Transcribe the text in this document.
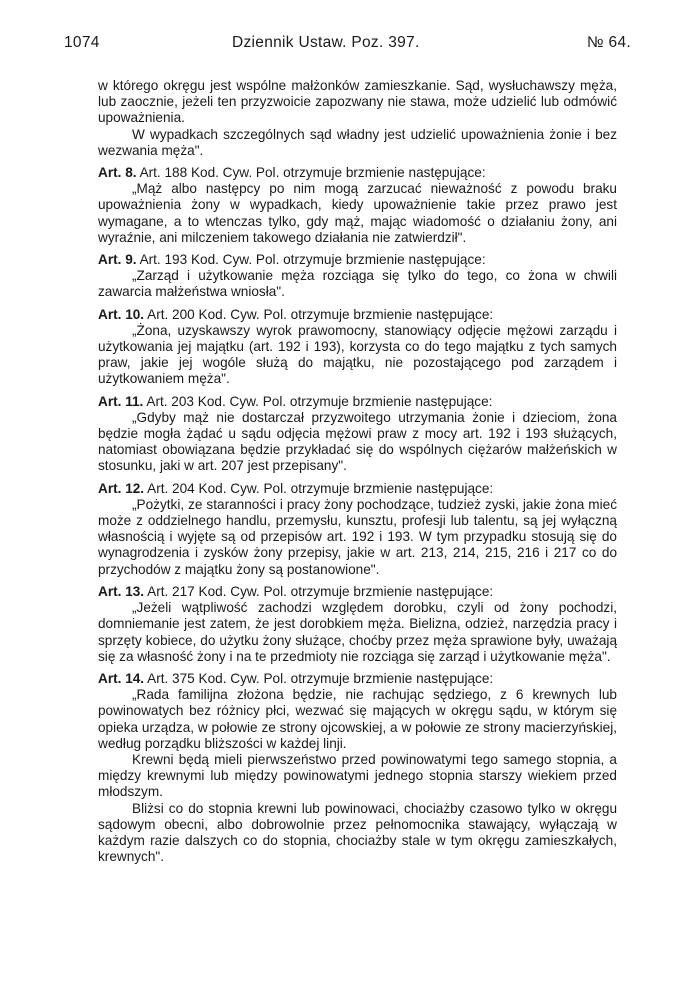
1074	Dziennik Ustaw. Poz. 397.	№ 64.

w którego okręgu jest wspólne małżonków zamieszkanie. Sąd, wysłuchawszy męża, lub zaocznie, jeżeli ten przyzwoicie zapozwany nie stawa, może udzielić lub odmówić upoważnienia.

W wypadkach szczególnych sąd władny jest udzielić upoważnienia żonie i bez wezwania męża".

Art. 8. Art. 188 Kod. Cyw. Pol. otrzymuje brzmienie następujące:

„Mąż albo następcy po nim mogą zarzucać nieważność z powodu braku upoważnienia żony w wypadkach, kiedy upoważnienie takie przez prawo jest wymagane, a to wtenczas tylko, gdy mąż, mając wiadomość o działaniu żony, ani wyraźnie, ani milczeniem takowego działania nie zatwierdził".

Art. 9. Art. 193 Kod. Cyw. Pol. otrzymuje brzmienie następujące:

„Zarząd i użytkowanie męża rozciąga się tylko do tego, co żona w chwili zawarcia małżeństwa wniosła".

Art. 10. Art. 200 Kod. Cyw. Pol. otrzymuje brzmienie następujące:

„Żona, uzyskawszy wyrok prawomocny, stanowiący odjęcie mężowi zarządu i użytkowania jej majątku (art. 192 i 193), korzysta co do tego majątku z tych samych praw, jakie jej wogóle służą do majątku, nie pozostającego pod zarządem i użytkowaniem męża".

Art. 11. Art. 203 Kod. Cyw. Pol. otrzymuje brzmienie następujące:

„Gdyby mąż nie dostarczał przyzwoitego utrzymania żonie i dzieciom, żona będzie mogła żądać u sądu odjęcia mężowi praw z mocy art. 192 i 193 służących, natomiast obowiązana będzie przykładać się do wspólnych ciężarów małżeńskich w stosunku, jaki w art. 207 jest przepisany".

Art. 12. Art. 204 Kod. Cyw. Pol. otrzymuje brzmienie następujące:

„Pożytki, ze staranności i pracy żony pochodzące, tudzież zyski, jakie żona mieć może z oddzielnego handlu, przemysłu, kunsztu, profesji lub talentu, są jej wyłączną własnością i wyjęte są od przepisów art. 192 i 193. W tym przypadku stosują się do wynagrodzenia i zysków żony przepisy, jakie w art. 213, 214, 215, 216 i 217 co do przychodów z majątku żony są postanowione".

Art. 13. Art. 217 Kod. Cyw. Pol. otrzymuje brzmienie następujące:

„Jeżeli wątpliwość zachodzi względem dorobku, czyli od żony pochodzi, domniemanie jest zatem, że jest dorobkiem męża. Bielizna, odzież, narzędzia pracy i sprzęty kobiece, do użytku żony służące, choćby przez męża sprawione były, uważają się za własność żony i na te przedmioty nie rozciąga się zarząd i użytkowanie męża".

Art. 14. Art. 375 Kod. Cyw. Pol. otrzymuje brzmienie następujące:

„Rada familijna złożona będzie, nie rachując sędziego, z 6 krewnych lub powinowatych bez różnicy płci, wezwać się mających w okręgu sądu, w którym się opieka urządza, w połowie ze strony ojcowskiej, a w połowie ze strony macierzyńskiej, według porządku bliższości w każdej linji.

Krewni będą mieli pierwszeństwo przed powinowatymi tego samego stopnia, a między krewnymi lub między powinowatymi jednego stopnia starszy wiekiem przed młodszym.

Bliżsi co do stopnia krewni lub powinowaci, chociażby czasowo tylko w okręgu sądowym obecni, albo dobrowolnie przez pełnomocnika stawający, wyłączają w każdym razie dalszych co do stopnia, chociażby stale w tym okręgu zamieszkałych, krewnych".
